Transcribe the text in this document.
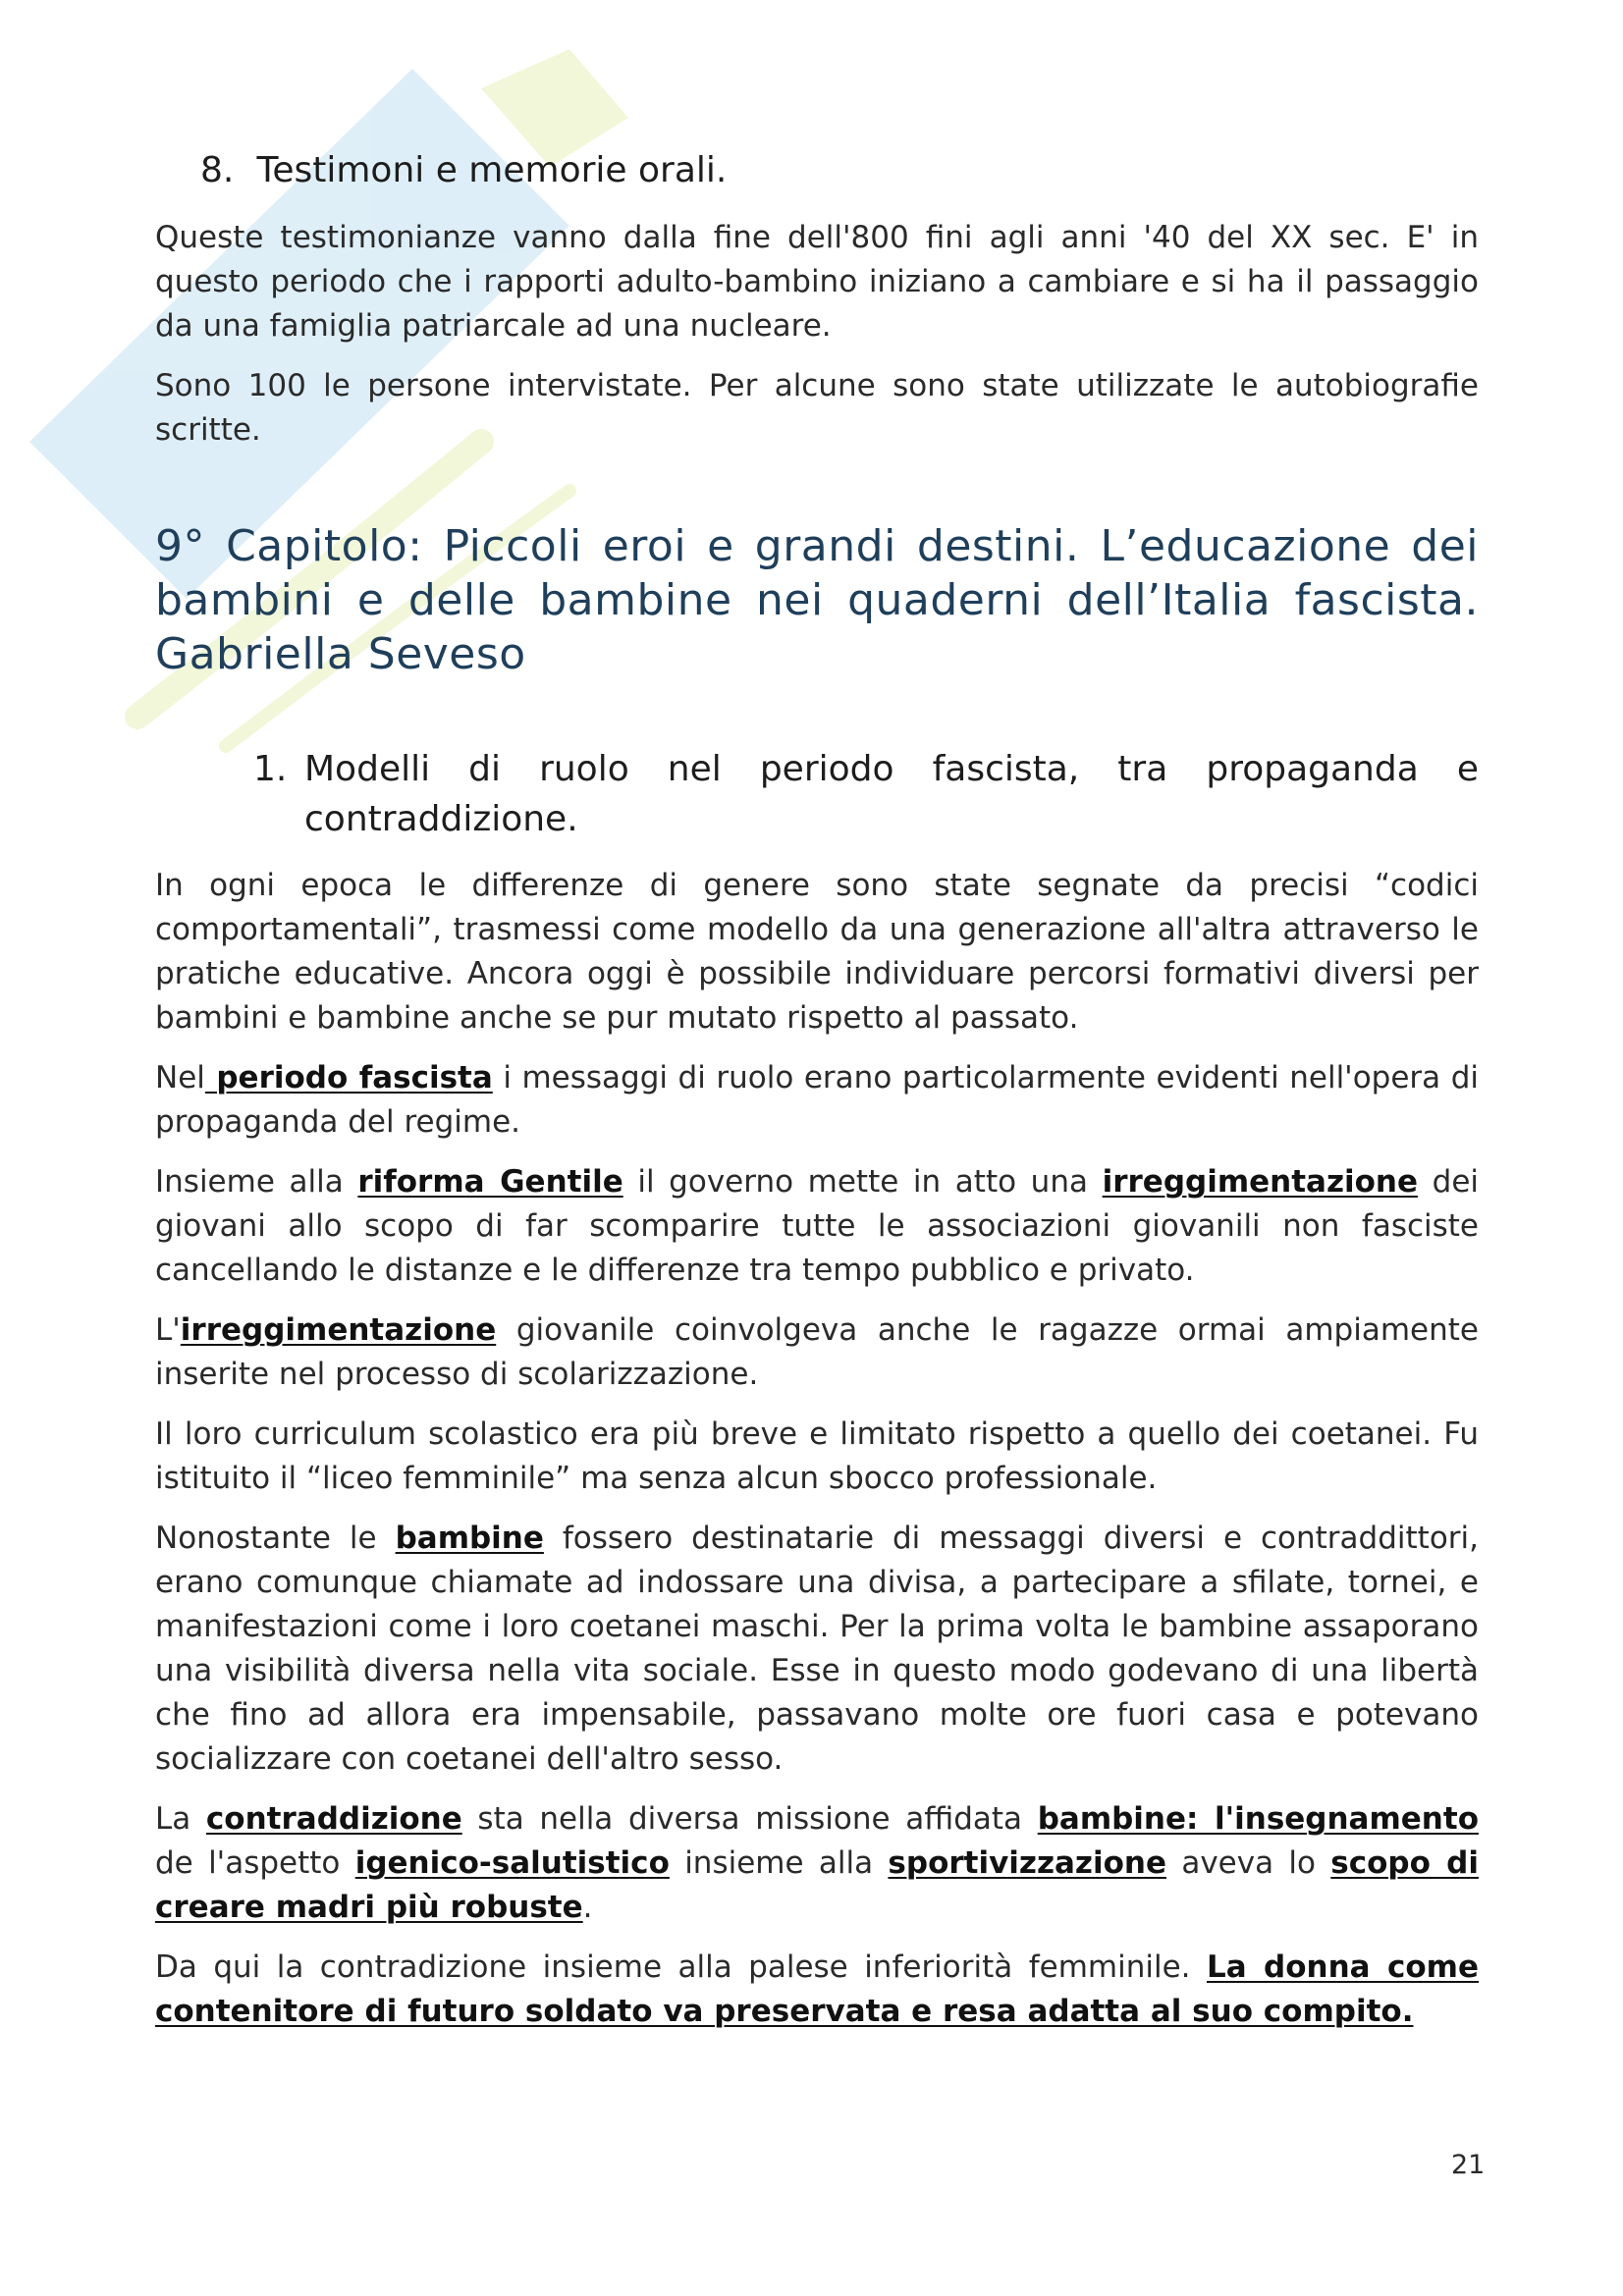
8. Testimoni e memorie orali.

Queste testimonianze vanno dalla fine dell'800 fini agli anni '40 del XX sec. E' in questo periodo che i rapporti adulto-bambino iniziano a cambiare e si ha il passaggio da una famiglia patriarcale ad una nucleare.

Sono 100 le persone intervistate. Per alcune sono state utilizzate le autobiografie scritte.

9° Capitolo: Piccoli eroi e grandi destini. L’educazione dei bambini e delle bambine nei quaderni dell’Italia fascista. Gabriella Seveso
1. Modelli di ruolo nel periodo fascista, tra propaganda e contraddizione.

In ogni epoca le differenze di genere sono state segnate da precisi “codici comportamentali”, trasmessi come modello da una generazione all'altra attraverso le pratiche educative. Ancora oggi è possibile individuare percorsi formativi diversi per bambini e bambine anche se pur mutato rispetto al passato.

Nel periodo fascista i messaggi di ruolo erano particolarmente evidenti nell'opera di propaganda del regime.

Insieme alla riforma Gentile il governo mette in atto una irreggimentazione dei giovani allo scopo di far scomparire tutte le associazioni giovanili non fasciste cancellando le distanze e le differenze tra tempo pubblico e privato.

L'irreggimentazione giovanile coinvolgeva anche le ragazze ormai ampiamente inserite nel processo di scolarizzazione.

Il loro curriculum scolastico era più breve e limitato rispetto a quello dei coetanei. Fu istituito il “liceo femminile” ma senza alcun sbocco professionale.

Nonostante le bambine fossero destinatarie di messaggi diversi e contraddittori, erano comunque chiamate ad indossare una divisa, a partecipare a sfilate, tornei, e manifestazioni come i loro coetanei maschi. Per la prima volta le bambine assaporano una visibilità diversa nella vita sociale. Esse in questo modo godevano di una libertà che fino ad allora era impensabile, passavano molte ore fuori casa e potevano socializzare con coetanei dell'altro sesso.

La contraddizione sta nella diversa missione affidata bambine: l'insegnamento de l'aspetto igenico-salutistico insieme alla sportivizzazione aveva lo scopo di creare madri più robuste.

Da qui la contradizione insieme alla palese inferiorità femminile. La donna come contenitore di futuro soldato va preservata e resa adatta al suo compito.

21
